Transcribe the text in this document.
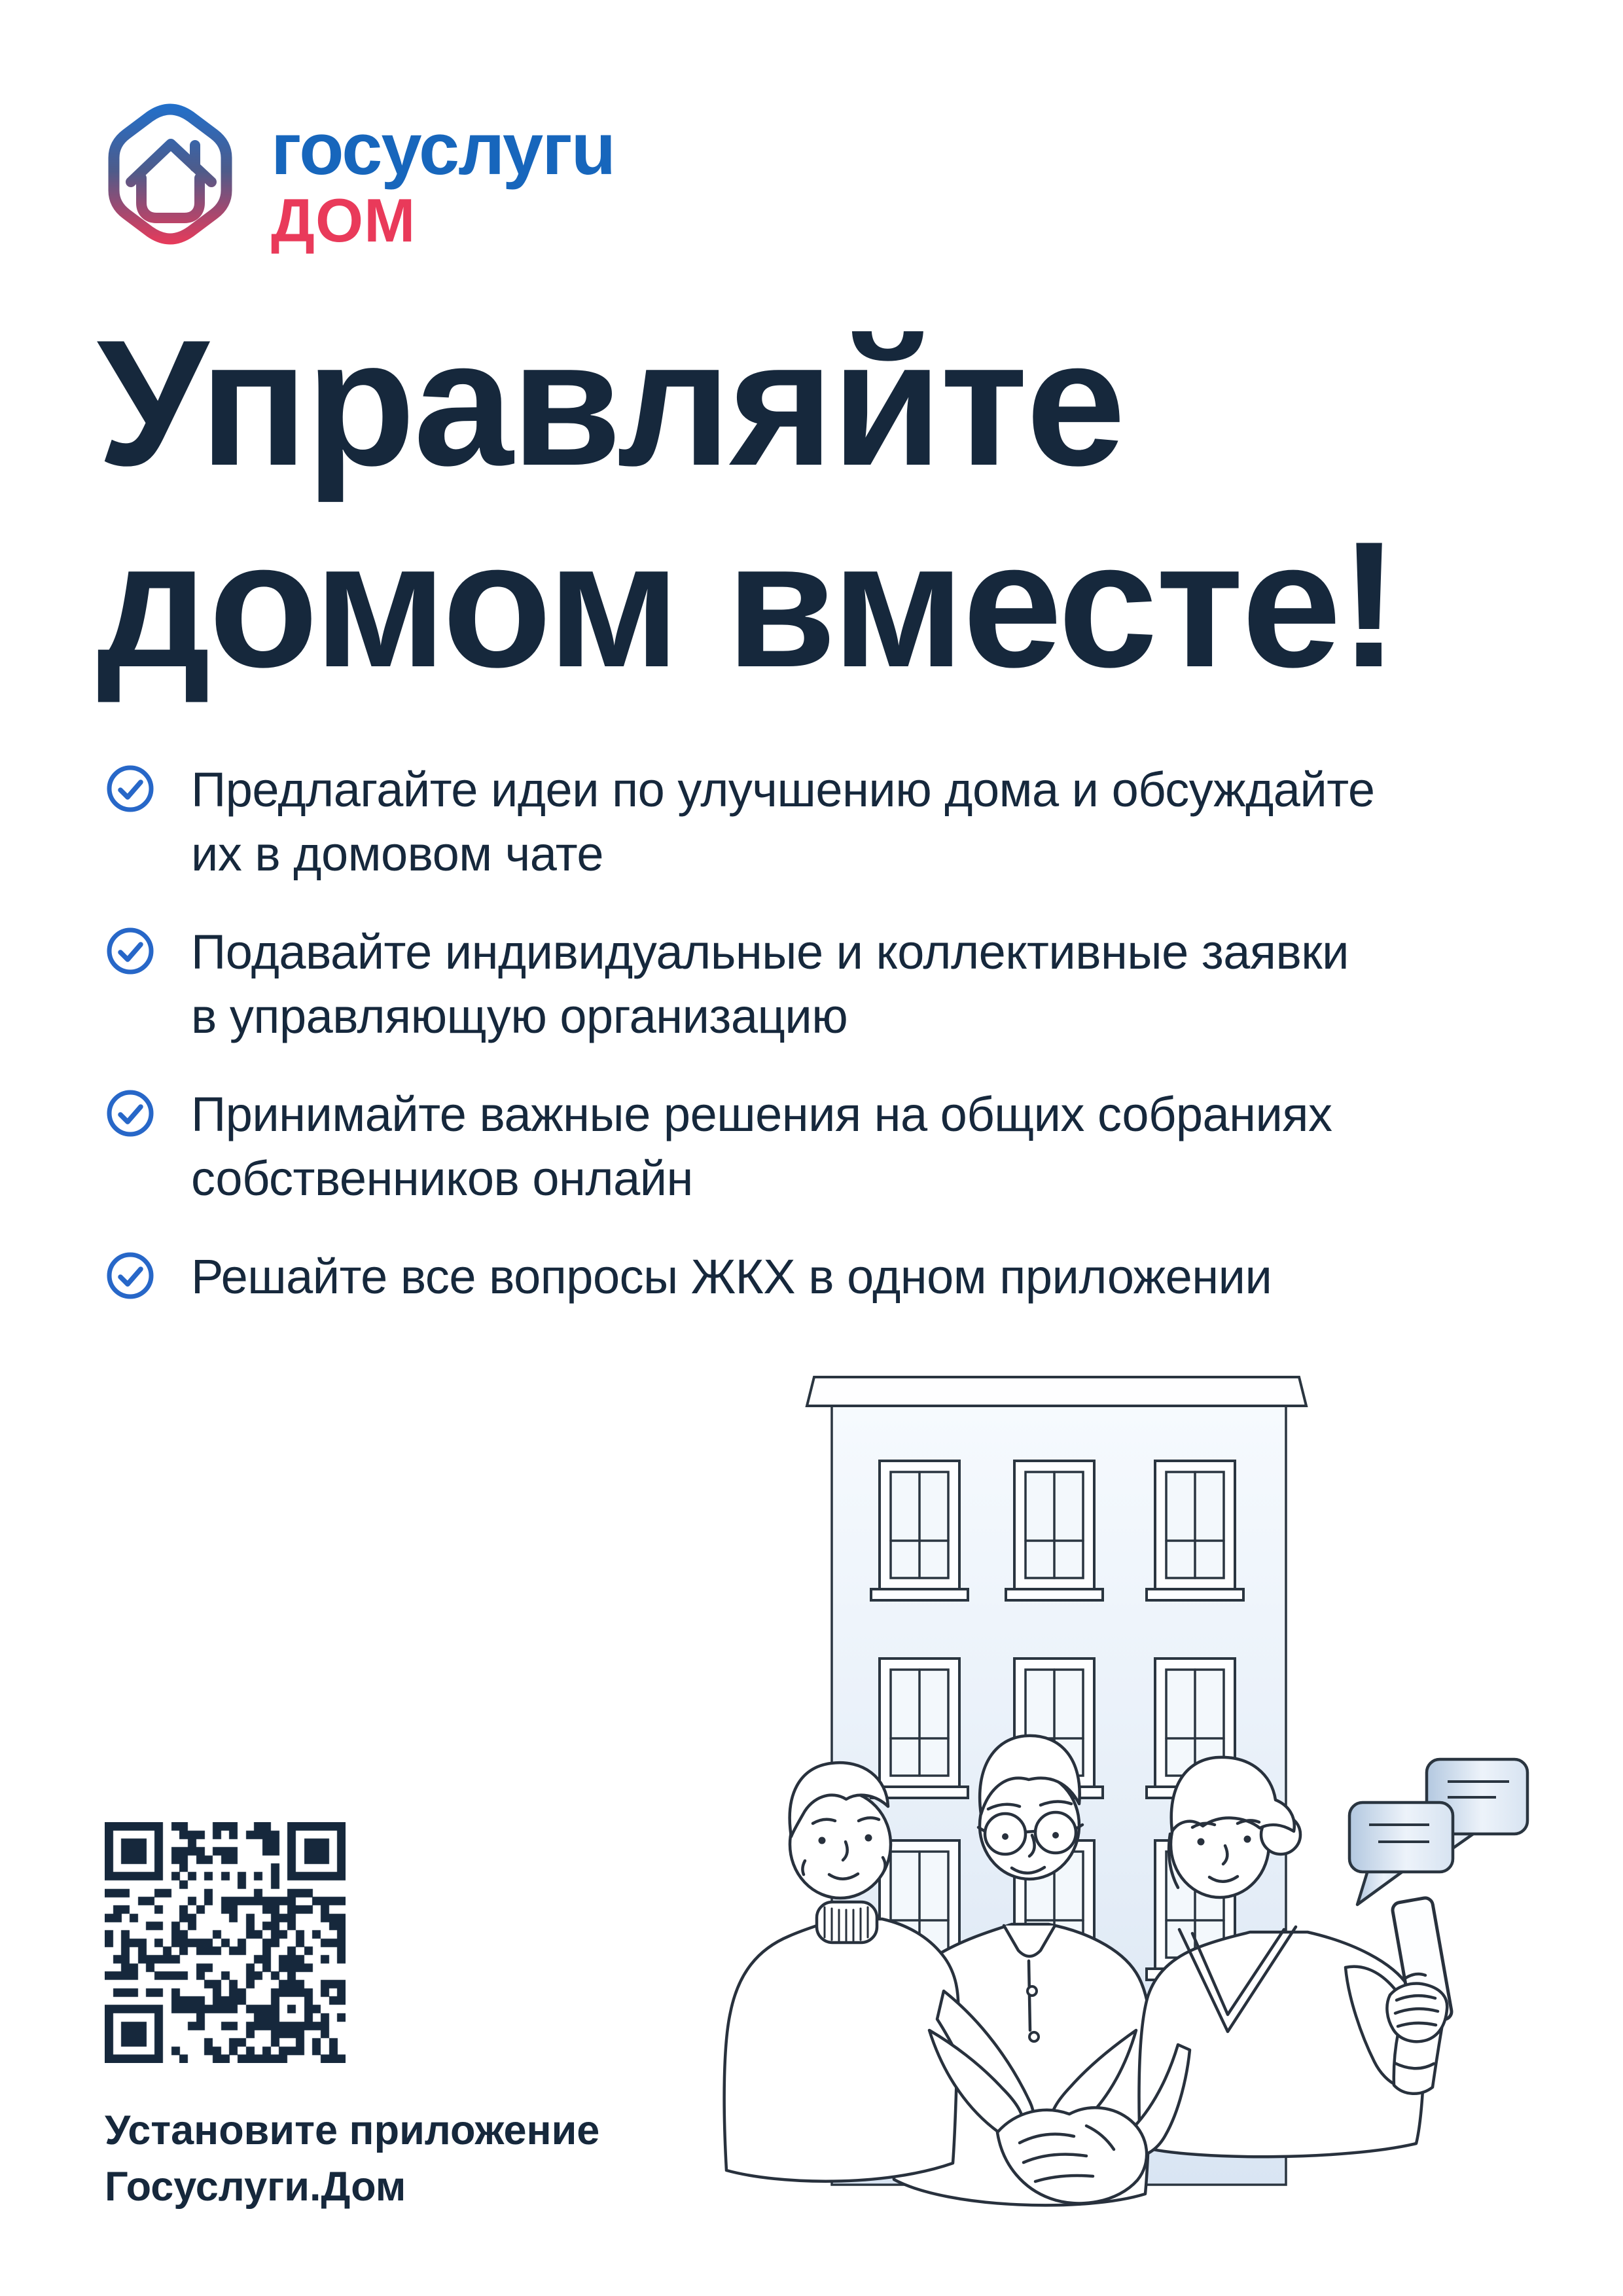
госуслугu
ДОМ
Управляйте
домом вместе!
Предлагайте идеи по улучшению дома и обсуждайте
их в домовом чате
Подавайте индивидуальные и коллективные заявки
в управляющую организацию
Принимайте важные решения на общих собраниях
собственников онлайн
Решайте все вопросы ЖКХ в одном приложении
Установите приложение
Госуслуги.Дом
